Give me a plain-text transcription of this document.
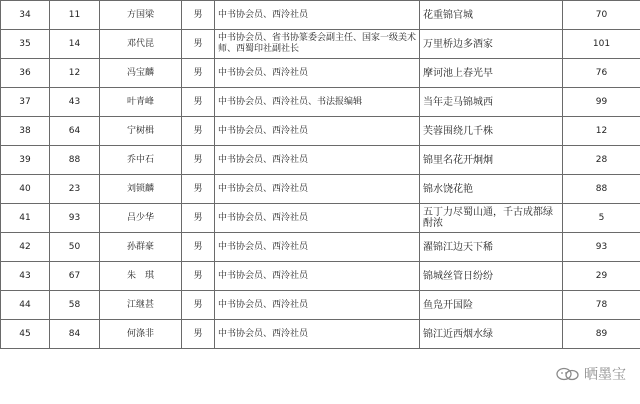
34	11	方国梁	男	中书协会员、西泠社员	花重锦官城	70
35	14	邓代昆	男	中书协会员、省书协篆委会副主任、国家一级美术师、西蜀印社副社长	万里桥边多酒家	101
36	12	冯宝麟	男	中书协会员、西泠社员	摩诃池上春光早	76
37	43	叶青峰	男	中书协会员、西泠社员、书法报编辑	当年走马锦城西	99
38	64	宁树楫	男	中书协会员、西泠社员	芙蓉围绕几千株	12
39	88	乔中石	男	中书协会员、西泠社员	锦里名花开炯炯	28
40	23	刘锁麟	男	中书协会员、西泠社员	锦水饶花艳	88
41	93	吕少华	男	中书协会员、西泠社员	五丁力尽蜀山通，千古成都绿酎浓	5
42	50	孙群豪	男	中书协会员、西泠社员	濯锦江边天下稀	93
43	67	朱　琪	男	中书协会员、西泠社员	锦城丝管日纷纷	29
44	58	江继甚	男	中书协会员、西泠社员	鱼凫开国险	78
45	84	何涤非	男	中书协会员、西泠社员	锦江近西烟水绿	89
晒墨宝
